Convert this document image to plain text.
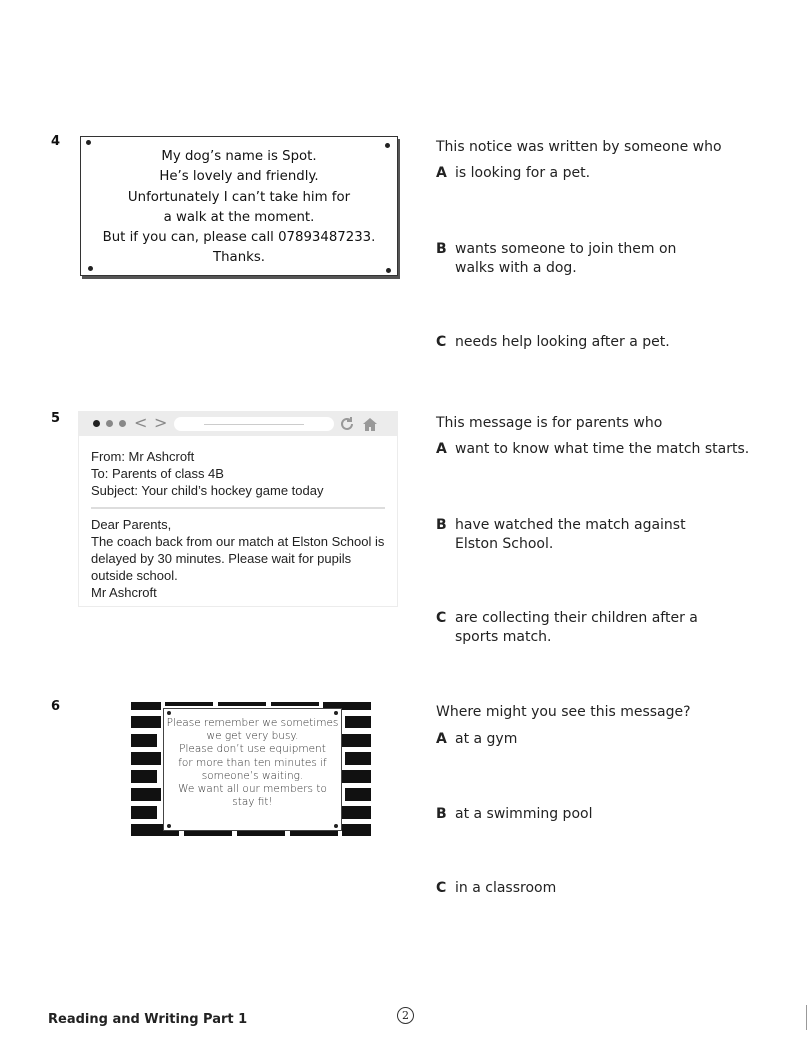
4
My dog’s name is Spot.
He’s lovely and friendly.
Unfortunately I can’t take him for
a walk at the moment.
But if you can, please call 07893487233.
Thanks.
This notice was written by someone who
A is looking for a pet.
B wants someone to join them on walks with a dog.
C needs help looking after a pet.
5	< >
From: Mr Ashcroft
To: Parents of class 4B
Subject: Your child’s hockey game today
Dear Parents,
The coach back from our match at Elston School is delayed by 30 minutes. Please wait for pupils outside school.
Mr Ashcroft
This message is for parents who
A want to know what time the match starts.
B have watched the match against Elston School.
C are collecting their children after a sports match.
6
Please remember we sometimes
we get very busy.
Please don’t use equipment
for more than ten minutes if
someone’s waiting.
We want all our members to
stay fit!
Where might you see this message?
A at a gym
B at a swimming pool
C in a classroom
Reading and Writing Part 1	2
